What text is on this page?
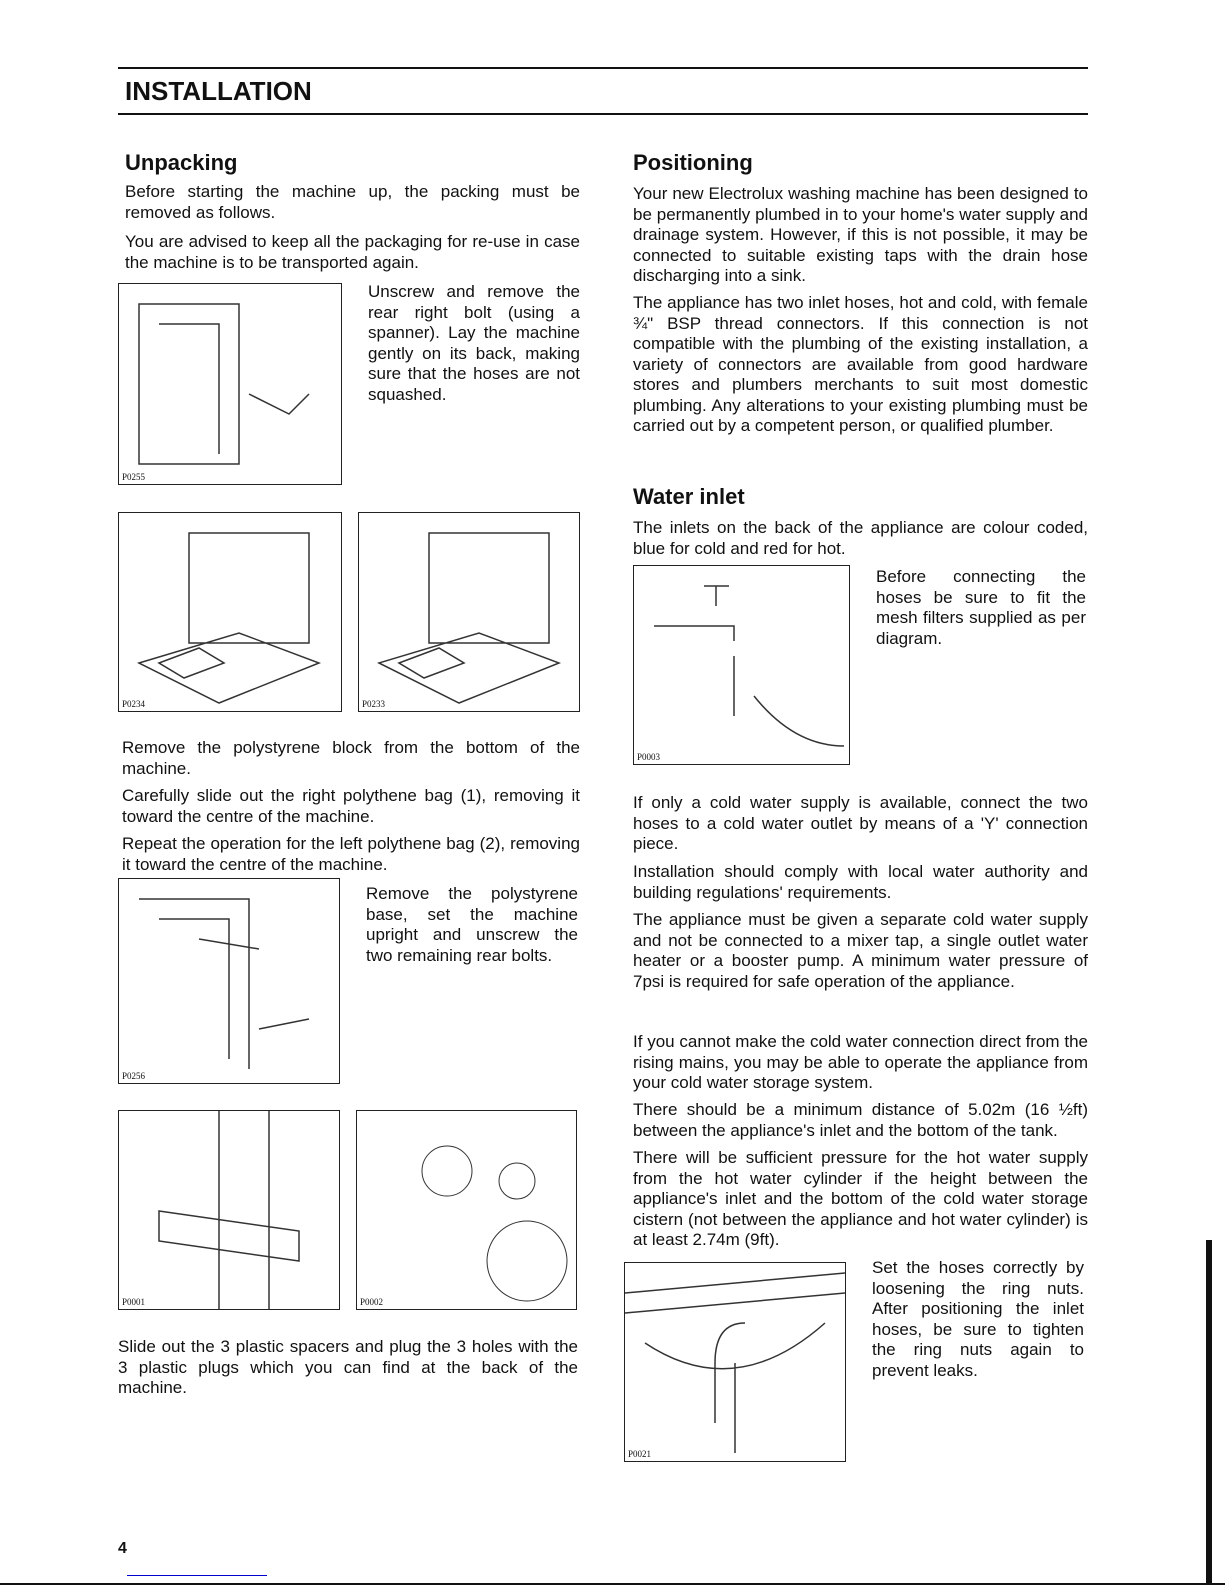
INSTALLATION
Unpacking

Before starting the machine up, the packing must be removed as follows.

You are advised to keep all the packaging for re-use in case the machine is to be transported again.

P0255

Unscrew and remove the rear right bolt (using a spanner). Lay the machine gently on its back, making sure that the hoses are not squashed.

P0234	P0233

Remove the polystyrene block from the bottom of the machine.

Carefully slide out the right polythene bag (1), removing it toward the centre of the machine.

Repeat the operation for the left polythene bag (2), removing it toward the centre of the machine.

P0256

Remove the polystyrene base, set the machine upright and unscrew the two remaining rear bolts.

P0001	P0002

Slide out the 3 plastic spacers and plug the 3 holes with the 3 plastic plugs which you can find at the back of the machine.

Positioning

Your new Electrolux washing machine has been designed to be permanently plumbed in to your home's water supply and drainage system. However, if this is not possible, it may be connected to suitable existing taps with the drain hose discharging into a sink.

The appliance has two inlet hoses, hot and cold, with female ¾" BSP thread connectors. If this connection is not compatible with the plumbing of the existing installation, a variety of connectors are available from good hardware stores and plumbers merchants to suit most domestic plumbing. Any alterations to your existing plumbing must be carried out by a competent person, or qualified plumber.

Water inlet

The inlets on the back of the appliance are colour coded, blue for cold and red for hot.

P0003

Before connecting the hoses be sure to fit the mesh filters supplied as per diagram.

If only a cold water supply is available, connect the two hoses to a cold water outlet by means of a 'Y' connection piece.

Installation should comply with local water authority and building regulations' requirements.

The appliance must be given a separate cold water supply and not be connected to a mixer tap, a single outlet water heater or a booster pump. A minimum water pressure of 7psi is required for safe operation of the appliance.

If you cannot make the cold water connection direct from the rising mains, you may be able to operate the appliance from your cold water storage system.

There should be a minimum distance of 5.02m (16 ½ft) between the appliance's inlet and the bottom of the tank.

There will be sufficient pressure for the hot water supply from the hot water cylinder if the height between the appliance's inlet and the bottom of the cold water storage cistern (not between the appliance and hot water cylinder) is at least 2.74m (9ft).

P0021

Set the hoses correctly by loosening the ring nuts. After positioning the inlet hoses, be sure to tighten the ring nuts again to prevent leaks.

4
